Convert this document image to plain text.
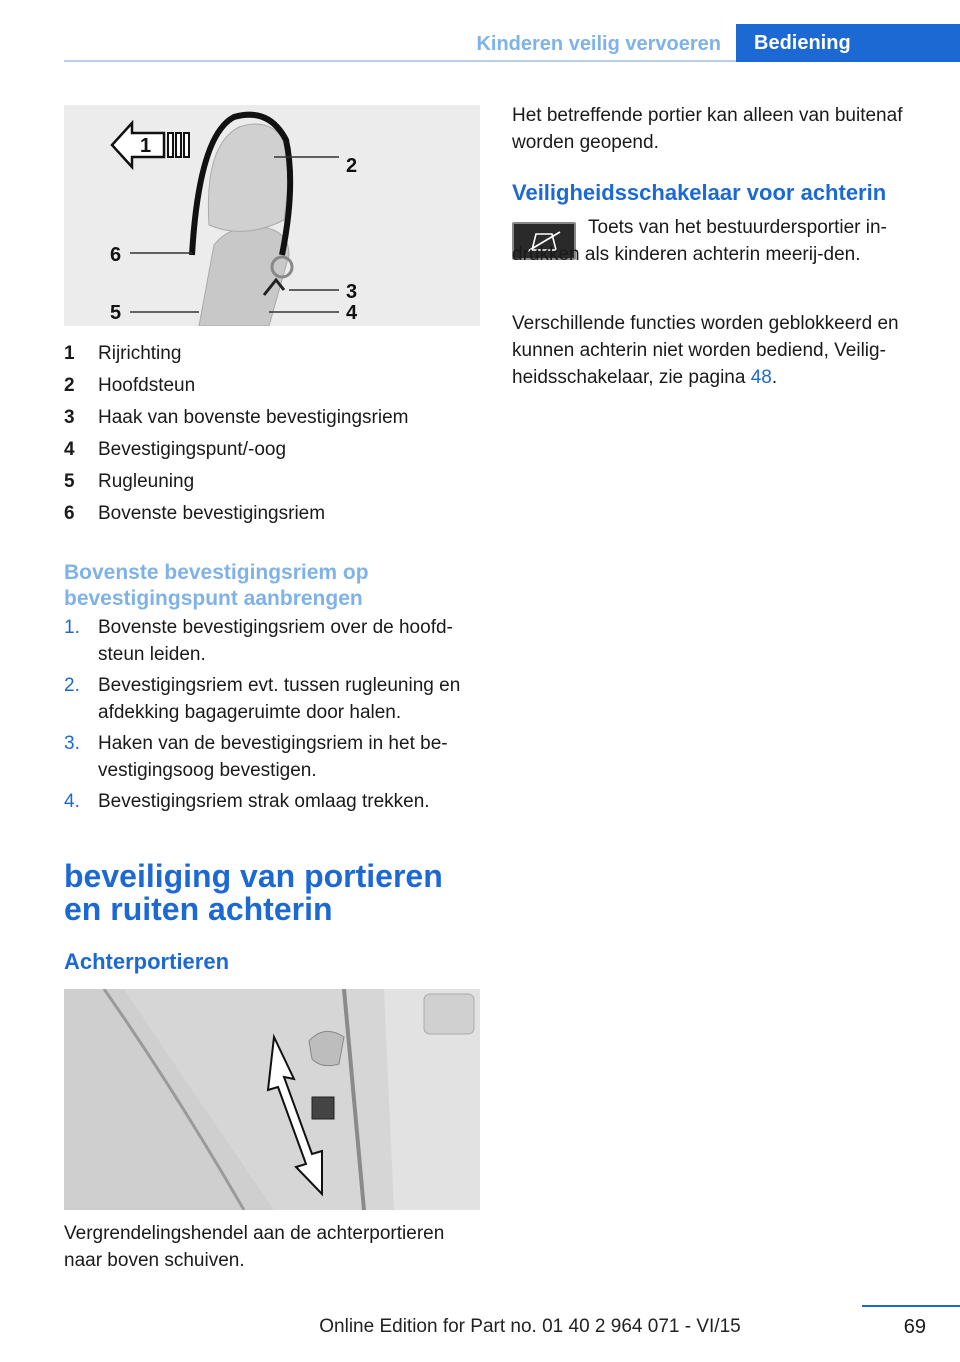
Kinderen veilig vervoeren	Bediening
1
2
3
4
5
6
1	Rijrichting
2	Hoofdsteun
3	Haak van bovenste bevestigingsriem
4	Bevestigingspunt/-oog
5	Rugleuning
6	Bovenste bevestigingsriem
Bovenste bevestigingsriem op bevestigingspunt aanbrengen
1. Bovenste bevestigingsriem over de hoofd-steun leiden.
2. Bevestigingsriem evt. tussen rugleuning en afdekking bagageruimte door halen.
3. Haken van de bevestigingsriem in het be-vestigingsoog bevestigen.
4. Bevestigingsriem strak omlaag trekken.
beveiliging van portieren en ruiten achterin
Achterportieren
Vergrendelingshendel aan de achterportieren naar boven schuiven.
Het betreffende portier kan alleen van buitenaf worden geopend.
Veiligheidsschakelaar voor achterin
Toets van het bestuurdersportier in-drukken als kinderen achterin meerij-den.
Verschillende functies worden geblokkeerd en kunnen achterin niet worden bediend, Veilig-heidsschakelaar, zie pagina 48.
69
Online Edition for Part no. 01 40 2 964 071 - VI/15
